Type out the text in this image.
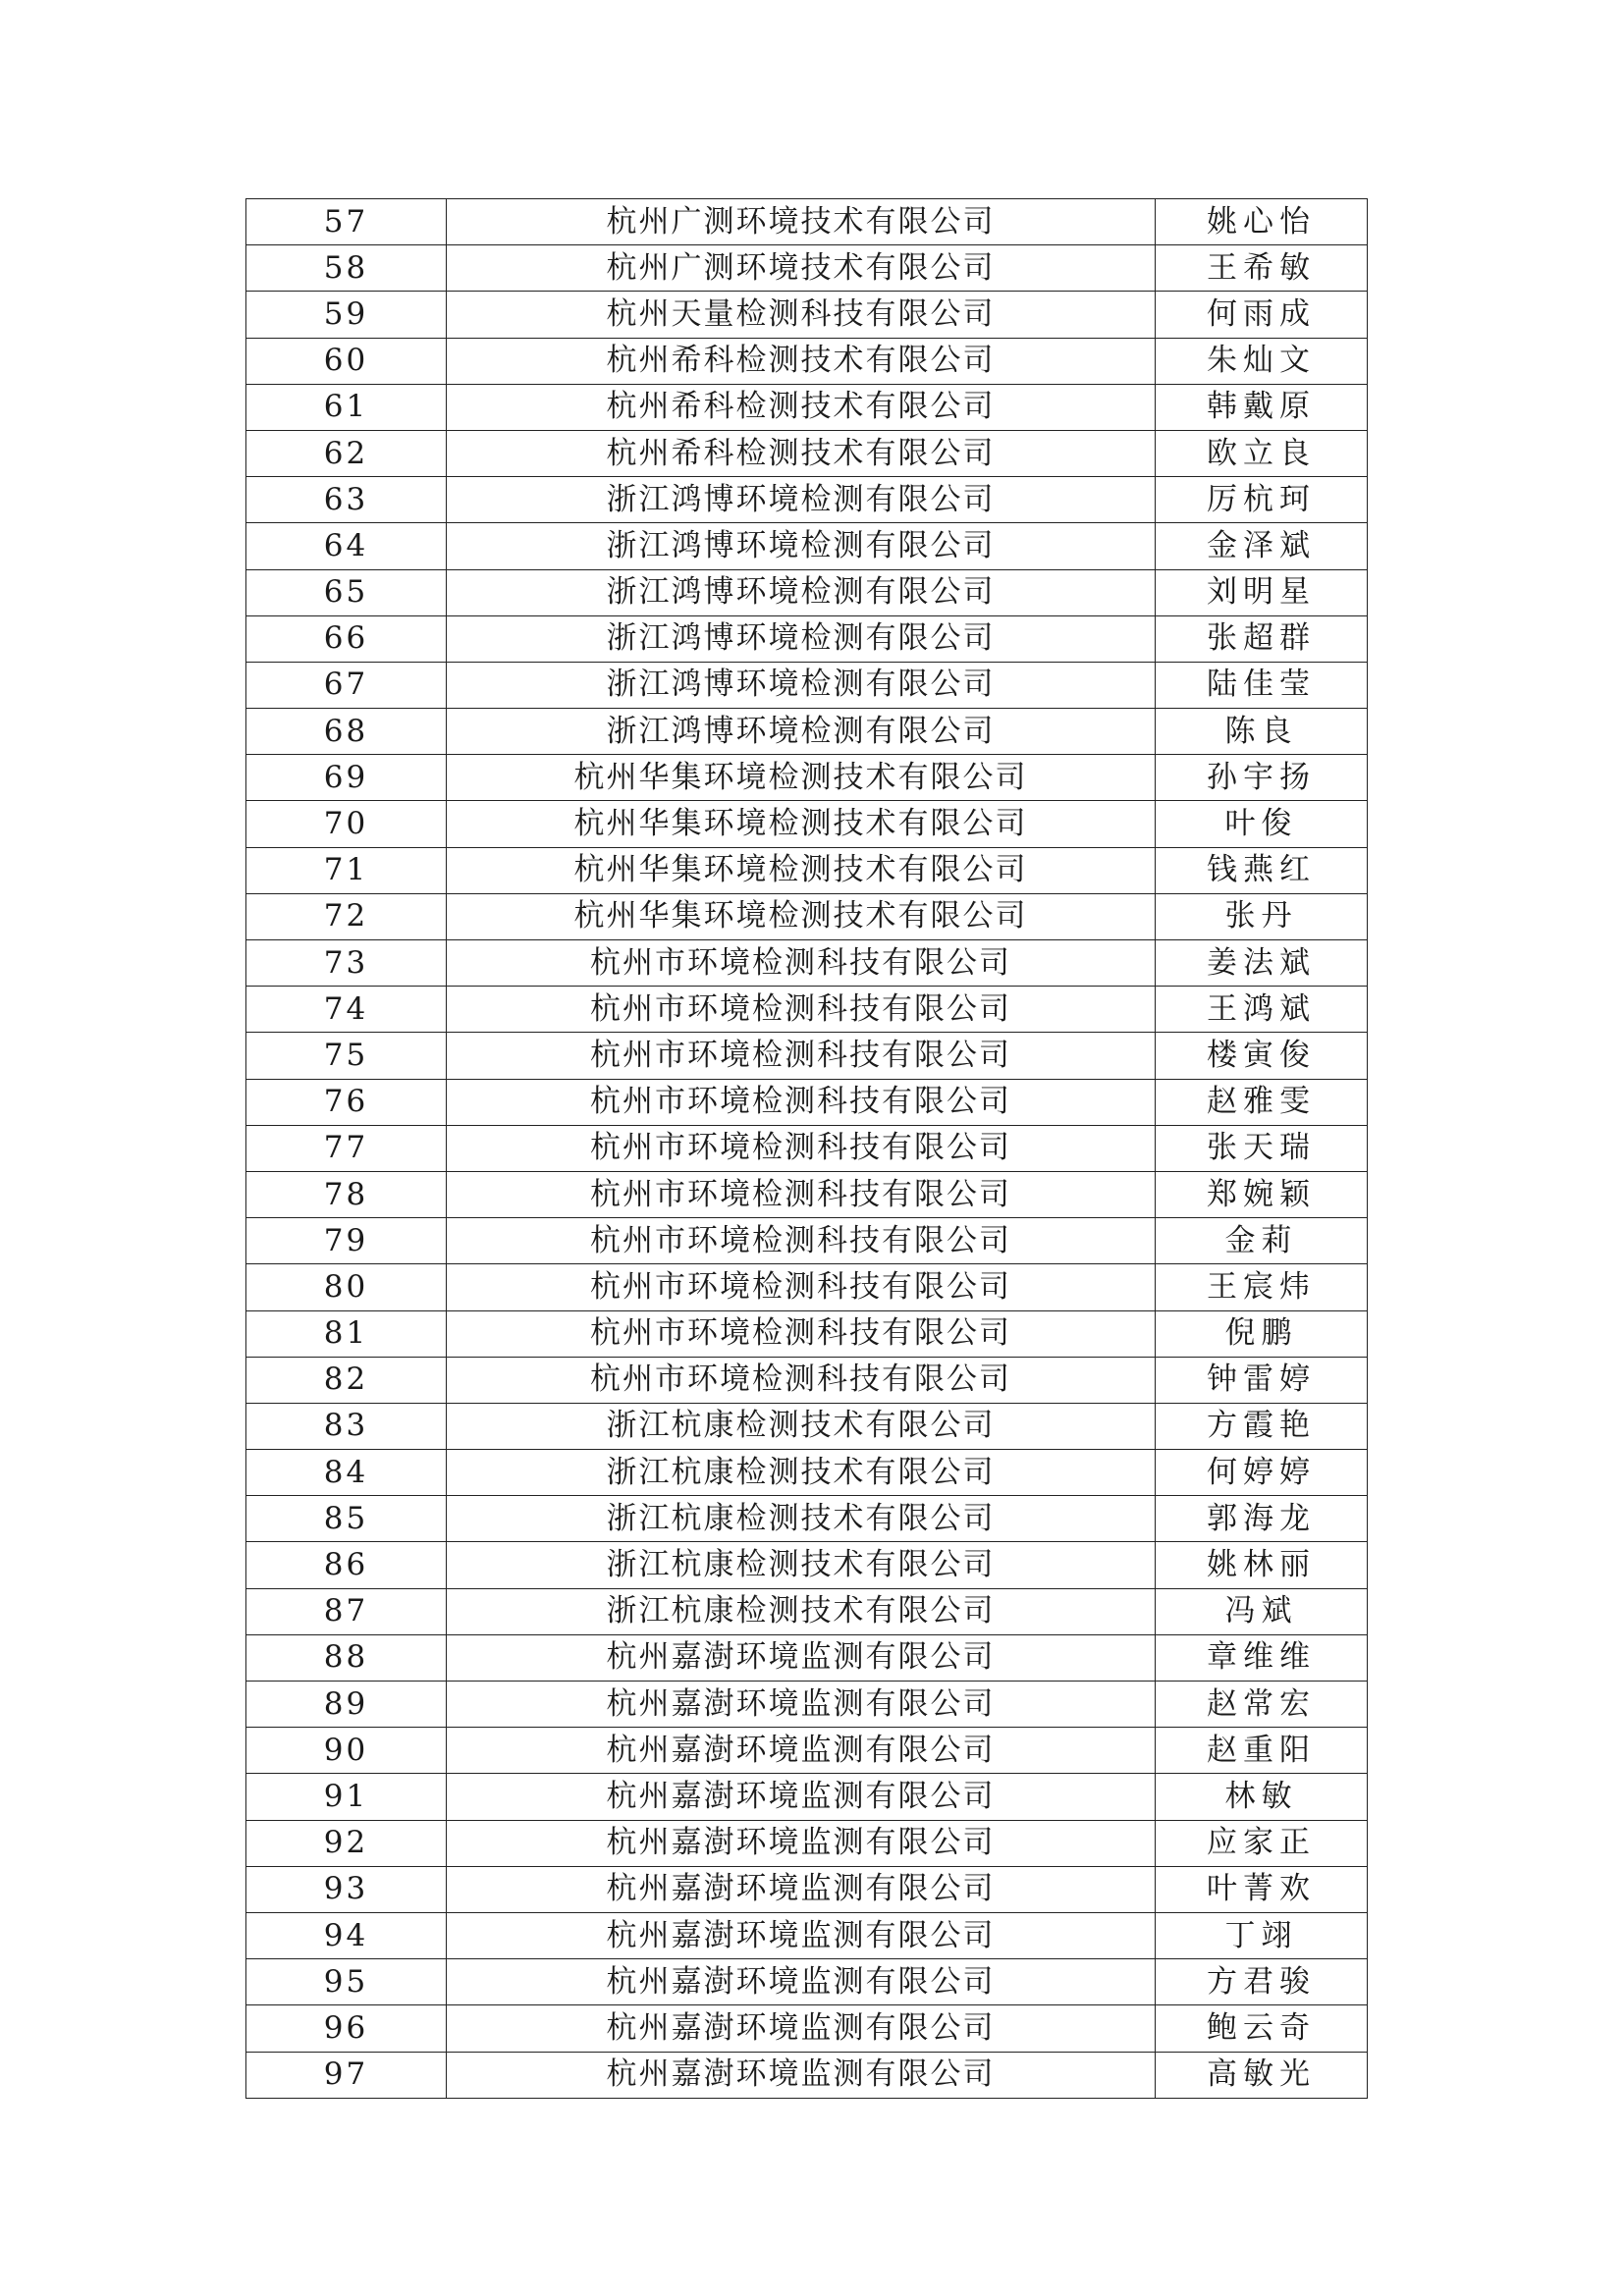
57	杭州广测环境技术有限公司	姚心怡
58	杭州广测环境技术有限公司	王希敏
59	杭州天量检测科技有限公司	何雨成
60	杭州希科检测技术有限公司	朱灿文
61	杭州希科检测技术有限公司	韩戴原
62	杭州希科检测技术有限公司	欧立良
63	浙江鸿博环境检测有限公司	厉杭珂
64	浙江鸿博环境检测有限公司	金泽斌
65	浙江鸿博环境检测有限公司	刘明星
66	浙江鸿博环境检测有限公司	张超群
67	浙江鸿博环境检测有限公司	陆佳莹
68	浙江鸿博环境检测有限公司	陈良
69	杭州华集环境检测技术有限公司	孙宇扬
70	杭州华集环境检测技术有限公司	叶俊
71	杭州华集环境检测技术有限公司	钱燕红
72	杭州华集环境检测技术有限公司	张丹
73	杭州市环境检测科技有限公司	姜法斌
74	杭州市环境检测科技有限公司	王鸿斌
75	杭州市环境检测科技有限公司	楼寅俊
76	杭州市环境检测科技有限公司	赵雅雯
77	杭州市环境检测科技有限公司	张天瑞
78	杭州市环境检测科技有限公司	郑婉颖
79	杭州市环境检测科技有限公司	金莉
80	杭州市环境检测科技有限公司	王宸炜
81	杭州市环境检测科技有限公司	倪鹏
82	杭州市环境检测科技有限公司	钟雷婷
83	浙江杭康检测技术有限公司	方霞艳
84	浙江杭康检测技术有限公司	何婷婷
85	浙江杭康检测技术有限公司	郭海龙
86	浙江杭康检测技术有限公司	姚林丽
87	浙江杭康检测技术有限公司	冯斌
88	杭州嘉澍环境监测有限公司	章维维
89	杭州嘉澍环境监测有限公司	赵常宏
90	杭州嘉澍环境监测有限公司	赵重阳
91	杭州嘉澍环境监测有限公司	林敏
92	杭州嘉澍环境监测有限公司	应家正
93	杭州嘉澍环境监测有限公司	叶菁欢
94	杭州嘉澍环境监测有限公司	丁翊
95	杭州嘉澍环境监测有限公司	方君骏
96	杭州嘉澍环境监测有限公司	鲍云奇
97	杭州嘉澍环境监测有限公司	高敏光
